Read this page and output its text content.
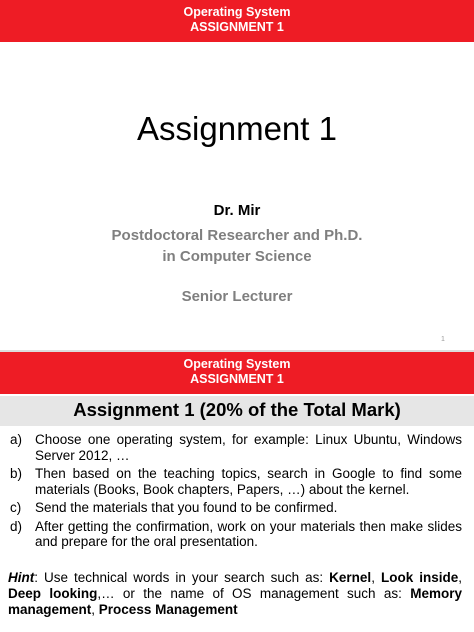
Operating System
ASSIGNMENT 1
Assignment 1
Dr. Mir
Postdoctoral Researcher and Ph.D.
in Computer Science
Senior Lecturer
1
Operating System
ASSIGNMENT 1
Assignment 1 (20% of the Total Mark)
a) Choose one operating system, for example: Linux Ubuntu, Windows Server 2012, …
b) Then based on the teaching topics, search in Google to find some materials (Books, Book chapters, Papers, …) about the kernel.
c) Send the materials that you found to be confirmed.
d) After getting the confirmation, work on your materials then make slides and prepare for the oral presentation.
Hint: Use technical words in your search such as: Kernel, Look inside, Deep looking,… or the name of OS management such as: Memory management, Process Management
